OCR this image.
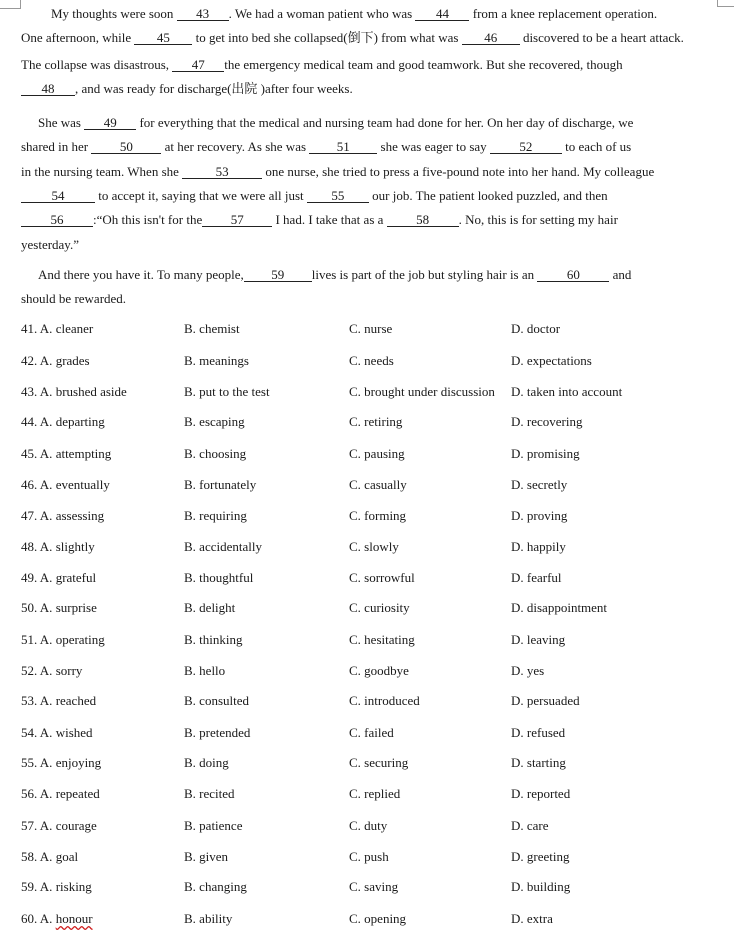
My thoughts were soon 43 . We had a woman patient who was 44 from a knee replacement operation.
One afternoon, while 45 to get into bed she collapsed(倒下) from what was 46 discovered to be a heart attack.
The collapse was disastrous, 47 the emergency medical team and good teamwork. But she recovered, though
48 , and was ready for discharge(出院 )after four weeks.
She was 49 for everything that the medical and nursing team had done for her. On her day of discharge, we
shared in her 50 at her recovery. As she was 51 she was eager to say 52 to each of us
in the nursing team. When she	53	one nurse, she tried to press a five-pound note into her hand. My colleague
54 to accept it, saying that we were all just 55 our job. The patient looked puzzled, and then
56 :“Oh this isn't for the 57 I had. I take that as a 58 . No, this is for setting my hair
yesterday.”
And there you have it. To many people, 59 lives is part of the job but styling hair is an 60 and
should be rewarded.
41. A. cleaner	B. chemist	C. nurse	D. doctor
42. A. grades	B. meanings	C. needs	D. expectations
43. A. brushed aside	B. put to the test	C. brought under discussion D. taken into account
44. A. departing	B. escaping	C. retiring	D. recovering
45. A. attempting	B. choosing	C. pausing	D. promising
46. A. eventually	B. fortunately	C. casually	D. secretly
47. A. assessing	B. requiring	C. forming	D. proving
48. A. slightly	B. accidentally	C. slowly	D. happily
49. A. grateful	B. thoughtful	C. sorrowful	D. fearful
50. A. surprise	B. delight	C. curiosity	D. disappointment
51. A. operating	B. thinking	C. hesitating	D. leaving
52. A. sorry	B. hello	C. goodbye	D. yes
53. A. reached	B. consulted	C. introduced	D. persuaded
54. A. wished	B. pretended	C. failed	D. refused
55. A. enjoying	B. doing	C. securing	D. starting
56. A. repeated	B. recited	C. replied	D. reported
57. A. courage	B. patience	C. duty	D. care
58. A. goal	B. given	C. push	D. greeting
59. A. risking	B. changing	C. saving	D. building
60. A. honour	B. ability	C. opening	D. extra
